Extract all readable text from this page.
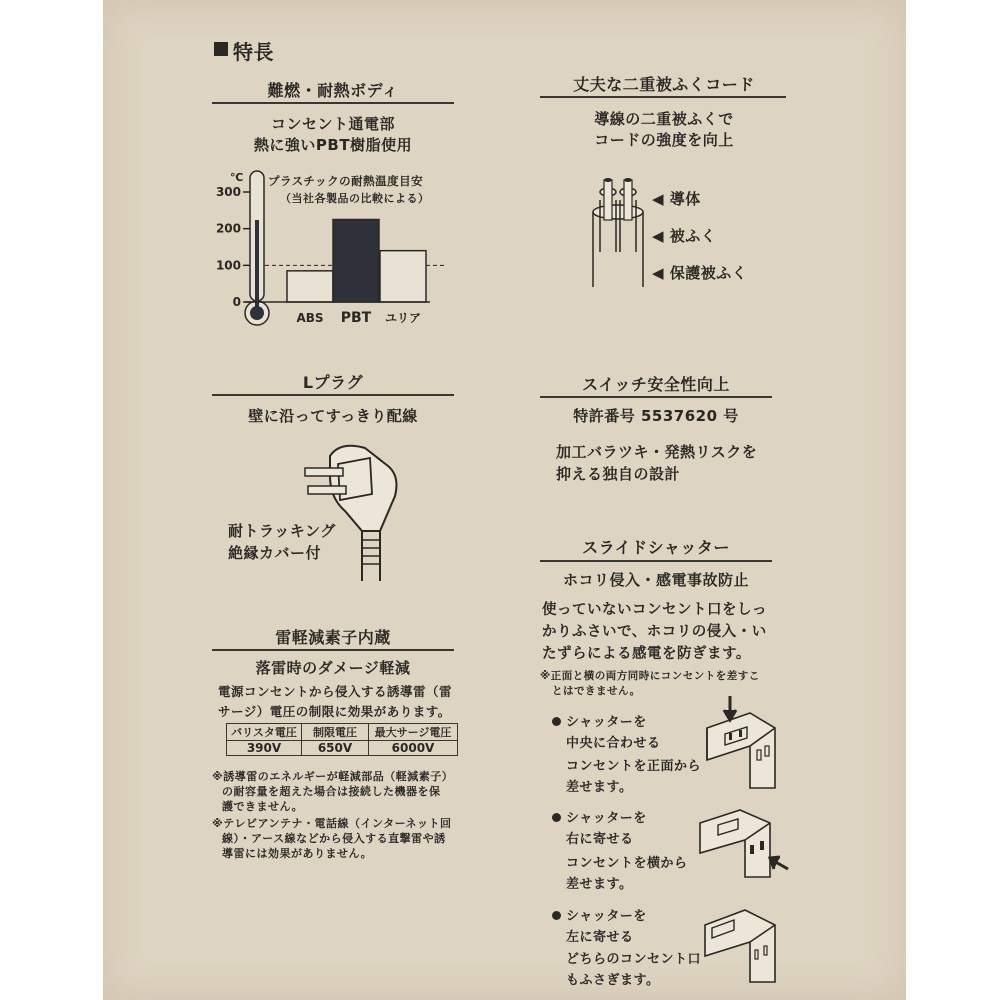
特長
難燃・耐熱ボディ
コンセント通電部
熱に強いPBT樹脂使用
プラスチックの耐熱温度目安
（当社各製品の比較による）
℃
300
200
100
0
ABS PBT ユリア
丈夫な二重被ふくコード
導線の二重被ふくで
コードの強度を向上
◀ 導体
◀ 被ふく
◀ 保護被ふく
Lプラグ
壁に沿ってすっきり配線
耐トラッキング
絶縁カバー付
スイッチ安全性向上
特許番号 5537620 号
加工バラツキ・発熱リスクを
抑える独自の設計
雷軽減素子内蔵
落雷時のダメージ軽減
電源コンセントから侵入する誘導雷（雷
サージ）電圧の制限に効果があります。
バリスタ電圧	制限電圧	最大サージ電圧
390V	650V	6000V
※誘導雷のエネルギーが軽減部品（軽減素子）
の耐容量を超えた場合は接続した機器を保
護できません。
※テレビアンテナ・電話線（インターネット回
線）・アース線などから侵入する直撃雷や誘
導雷には効果がありません。
スライドシャッター
ホコリ侵入・感電事故防止
使っていないコンセント口をしっ
かりふさいで、ホコリの侵入・い
たずらによる感電を防ぎます。
※正面と横の両方同時にコンセントを差すこ
とはできません。
シャッターを
中央に合わせる
コンセントを正面から
差せます。
シャッターを
右に寄せる
コンセントを横から
差せます。
シャッターを
左に寄せる
どちらのコンセント口
もふさぎます。
